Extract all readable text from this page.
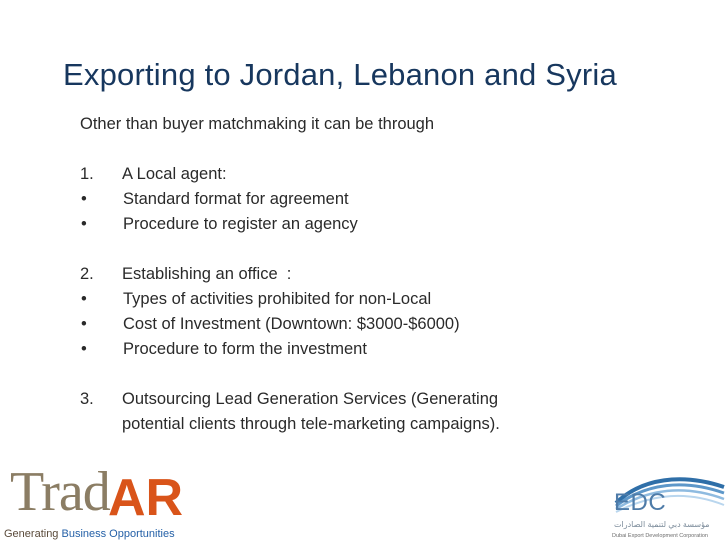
Exporting to Jordan, Lebanon and Syria
Other than buyer matchmaking it can be through
1.	A Local agent:
•	Standard format for agreement
•	Procedure to register an agency
2.	Establishing an office  :
•	Types of activities prohibited for non-Local
•	Cost of Investment (Downtown: $3000-$6000)
•	Procedure to form the investment
3.	Outsourcing Lead Generation Services (Generating potential clients through tele-marketing campaigns).
Trad
AR
Generating Business Opportunities
EDC
مؤسسة دبي لتنمية الصادرات
Dubai Export Development Corporation
